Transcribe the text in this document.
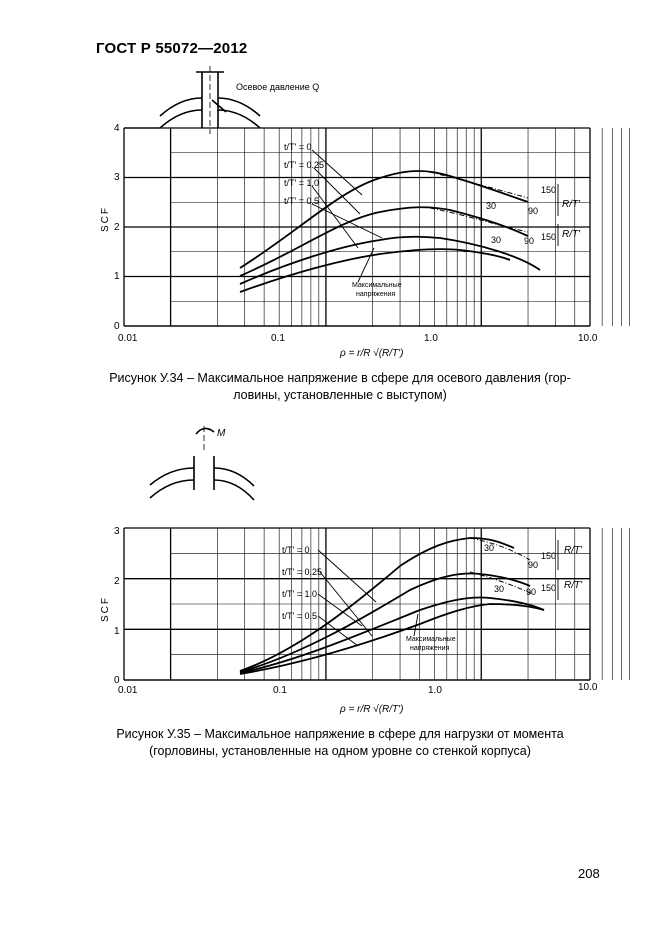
ГОСТ Р 55072—2012
Осевое давление Q
0
1
2
3
4
SCF
0.01	0.1	1.0	10.0
ρ = r/R √(R/T')
t/T' = 0
t/T' = 0.25
t/T' = 1.0
t/T' = 0.5
Максимальные
напряжения
30	90
150
30	90 150
R/T'
R/T'
M
0
1
2
3
SCF
0.01	0.1	1.0	10.0
ρ = r/R √(R/T')
t/T' = 0
t/T' = 0.25
t/T' = 1.0
t/T' = 0.5
Максимальные
напряжения
30
90
150
30 90 150
R/T'
R/T'
Рисунок У.34 – Максимальное напряжение в сфере для осевого давления (гор-
ловины, установленные с выступом)
Рисунок У.35 – Максимальное напряжение в сфере для нагрузки от момента
(горловины, установленные на одном уровне со стенкой корпуса)
208
